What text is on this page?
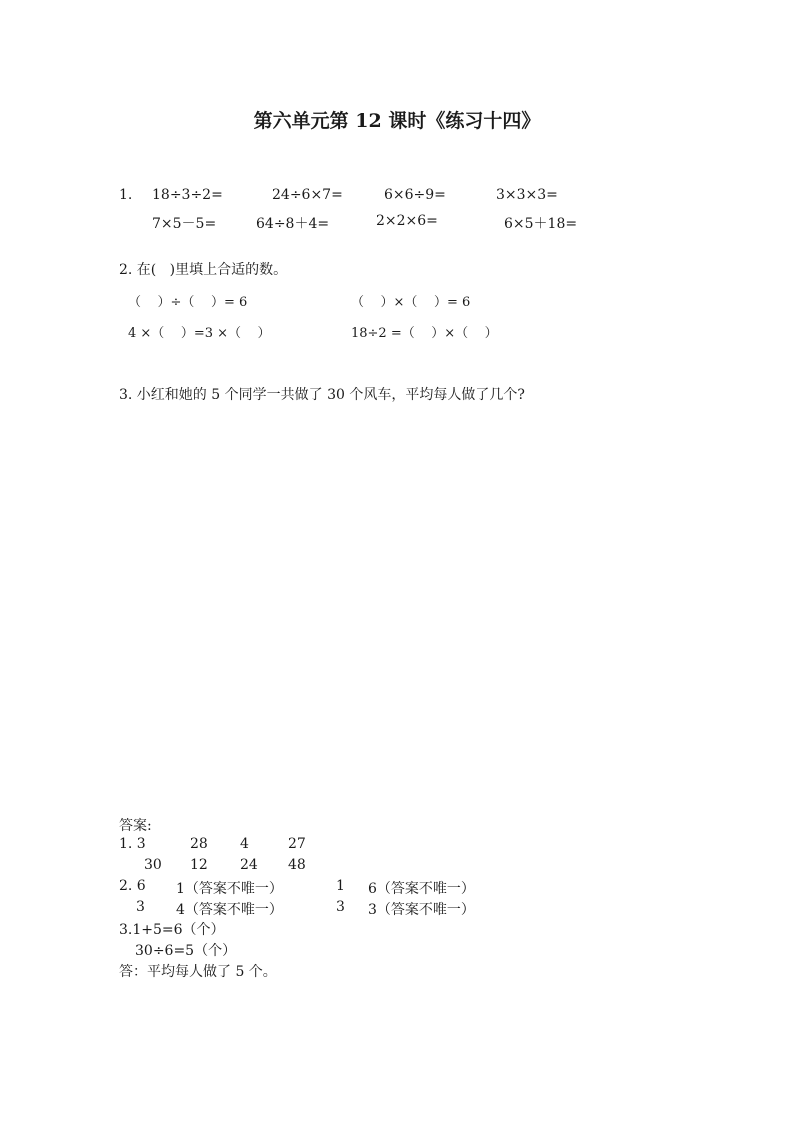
第六单元第 12 课时《练习十四》
1. 18÷3÷2=	24÷6×7=	6×6÷9=	3×3×3=
7×5－5=	64÷8＋4=	2×2×6=	6×5＋18=
2. 在(   )里填上合适的数。
（    ）÷（    ）= 6	（    ）×（    ）= 6
4 ×（    ）=3 ×（    ）	18÷2 =（    ）×（    ）
3. 小红和她的 5 个同学一共做了 30 个风车，平均每人做了几个?
答案:
1. 3	28 4	27
30 12 24 48
2. 6 1（答案不唯一）	1 6（答案不唯一）
3 4（答案不唯一）	3 3（答案不唯一）
3.1+5=6（个）
30÷6=5（个）
答：平均每人做了 5 个。
